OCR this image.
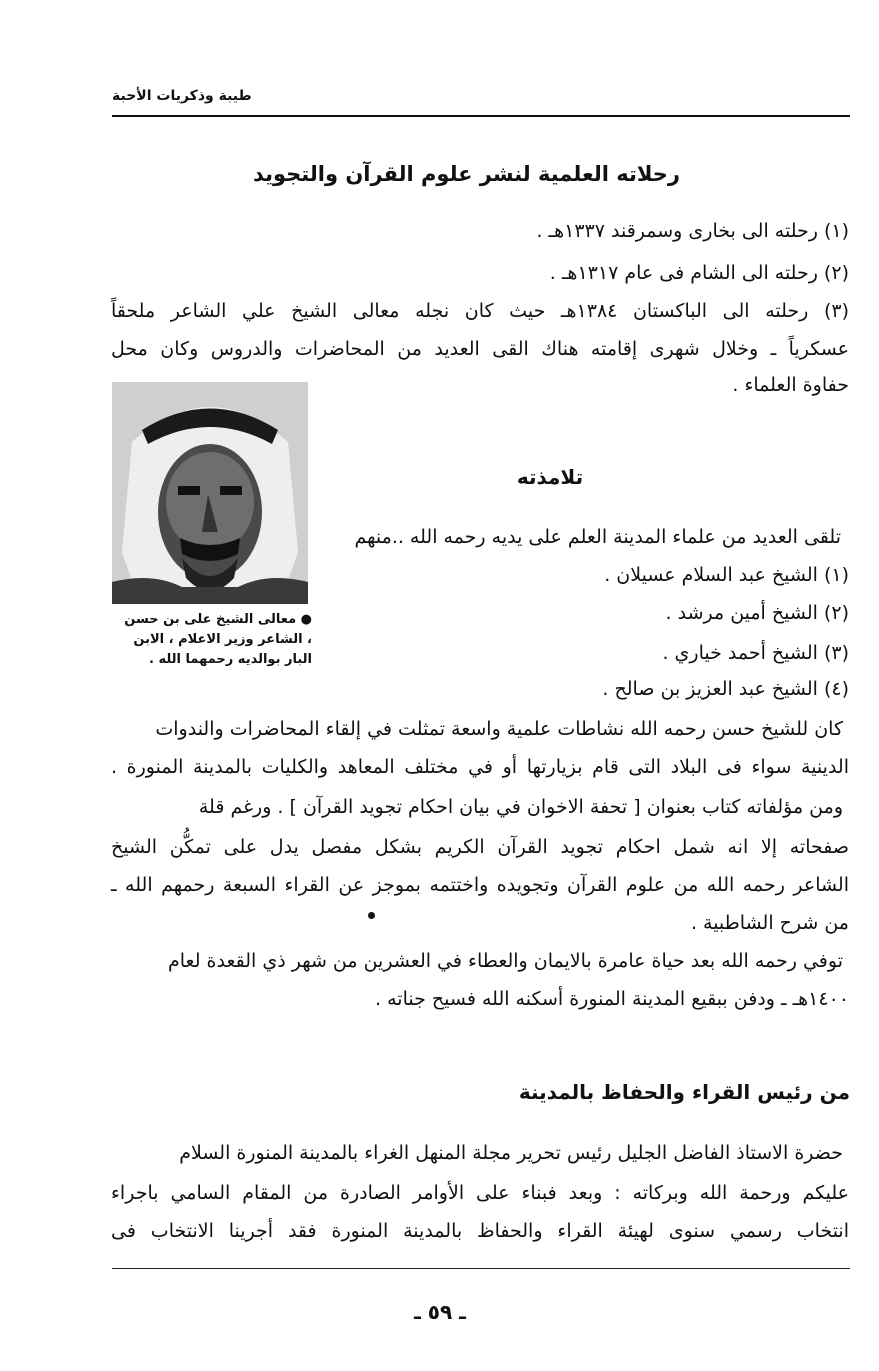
طيبة وذكريات الأحبة
رحلاته العلمية لنشر علوم القرآن والتجويد
(١) رحلته الى بخارى وسمرقند ١٣٣٧هـ .
(٢) رحلته الى الشام فى عام ١٣١٧هـ .
(٣) رحلته الى الباكستان ١٣٨٤هـ حيث كان نجله معالى الشيخ علي الشاعر ملحقاً
عسكرياً ـ وخلال شهرى إقامته هناك القى العديد من المحاضرات والدروس وكان محل
حفاوة العلماء .
● معالى الشيخ على بن حسن
، الشاعر وزير الاعلام ، الابن
البار بوالديه رحمهما الله .
تلامذته
تلقى العديد من علماء المدينة العلم على يديه رحمه الله ..منهم
(١) الشيخ عبد السلام عسيلان .
(٢) الشيخ أمين مرشد .
(٣) الشيخ أحمد خياري .
(٤) الشيخ عبد العزيز بن صالح .
كان للشيخ حسن رحمه الله نشاطات علمية واسعة تمثلت في إلقاء المحاضرات والندوات
الدينية سواء فى البلاد التى قام بزيارتها أو في مختلف المعاهد والكليات بالمدينة المنورة .
ومن مؤلفاته كتاب بعنوان [ تحفة الاخوان في بيان احكام تجويد القرآن ] . ورغم قلة
صفحاته إلا انه شمل احكام تجويد القرآن الكريم بشكل مفصل يدل على تمكُّن الشيخ
الشاعر رحمه الله من علوم القرآن وتجويده واختتمه بموجز عن القراء السبعة رحمهم الله ـ
من شرح الشاطبية .
توفي رحمه الله بعد حياة عامرة بالايمان والعطاء في العشرين من شهر ذي القعدة لعام
١٤٠٠هـ ـ ودفن ببقيع المدينة المنورة أسكنه الله فسيح جناته .
من رئيس القراء والحفاظ بالمدينة
حضرة الاستاذ الفاضل الجليل رئيس تحرير مجلة المنهل الغراء بالمدينة المنورة السلام
عليكم ورحمة الله وبركاته : وبعد فبناء على الأوامر الصادرة من المقام السامي باجراء
انتخاب رسمي سنوى لهيئة القراء والحفاظ بالمدينة المنورة فقد أجرينا الانتخاب فى
ـ ٥٩ ـ
